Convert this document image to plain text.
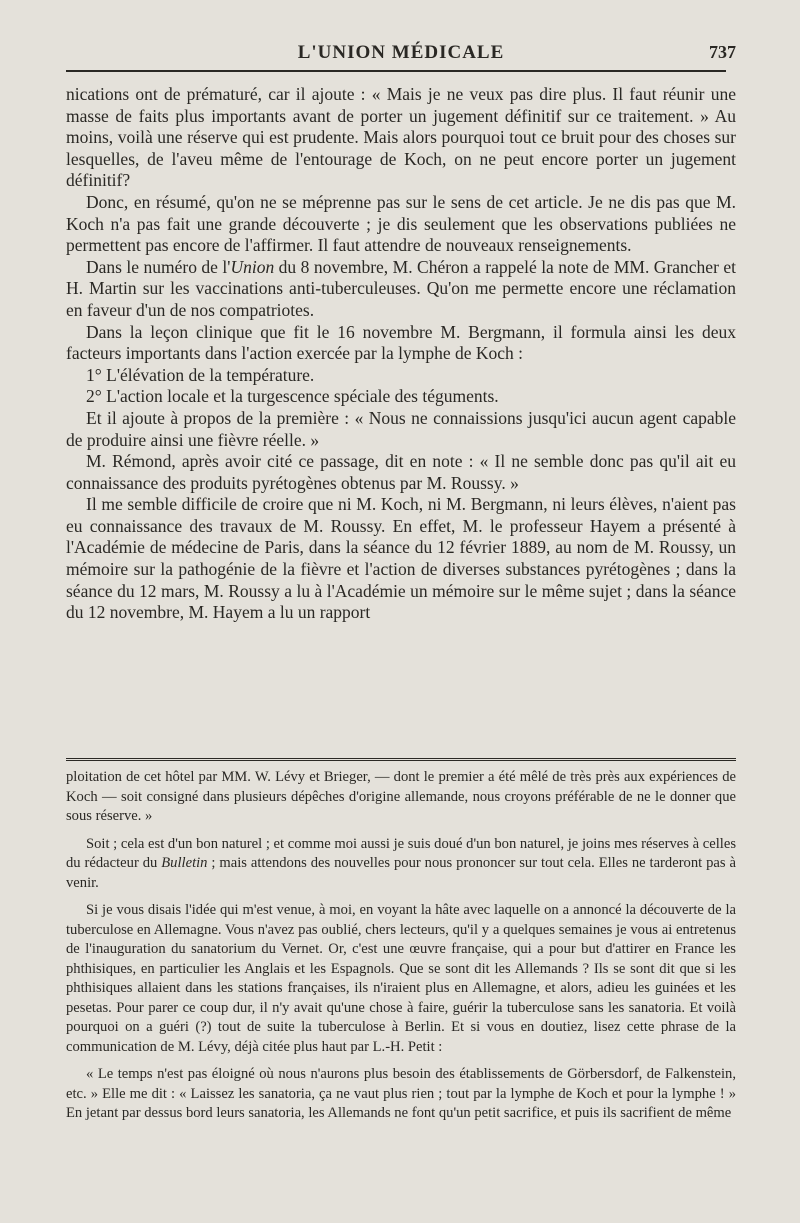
L'UNION MÉDICALE	737

nications ont de prématuré, car il ajoute : « Mais je ne veux pas dire plus. Il faut réunir une masse de faits plus importants avant de porter un jugement définitif sur ce traitement. » Au moins, voilà une réserve qui est prudente. Mais alors pourquoi tout ce bruit pour des choses sur lesquelles, de l'aveu même de l'entourage de Koch, on ne peut encore porter un jugement définitif?

Donc, en résumé, qu'on ne se méprenne pas sur le sens de cet article. Je ne dis pas que M. Koch n'a pas fait une grande découverte ; je dis seulement que les observations publiées ne permettent pas encore de l'affirmer. Il faut attendre de nouveaux renseignements.

Dans le numéro de l'Union du 8 novembre, M. Chéron a rappelé la note de MM. Grancher et H. Martin sur les vaccinations anti-tuberculeuses. Qu'on me permette encore une réclamation en faveur d'un de nos compatriotes.

Dans la leçon clinique que fit le 16 novembre M. Bergmann, il formula ainsi les deux facteurs importants dans l'action exercée par la lymphe de Koch :

1° L'élévation de la température.

2° L'action locale et la turgescence spéciale des téguments.

Et il ajoute à propos de la première : « Nous ne connaissions jusqu'ici aucun agent capable de produire ainsi une fièvre réelle. »

M. Rémond, après avoir cité ce passage, dit en note : « Il ne semble donc pas qu'il ait eu connaissance des produits pyrétogènes obtenus par M. Roussy. »

Il me semble difficile de croire que ni M. Koch, ni M. Bergmann, ni leurs élèves, n'aient pas eu connaissance des travaux de M. Roussy. En effet, M. le professeur Hayem a présenté à l'Académie de médecine de Paris, dans la séance du 12 février 1889, au nom de M. Roussy, un mémoire sur la pathogénie de la fièvre et l'action de diverses substances pyrétogènes ; dans la séance du 12 mars, M. Roussy a lu à l'Académie un mémoire sur le même sujet ; dans la séance du 12 novembre, M. Hayem a lu un rapport

ploitation de cet hôtel par MM. W. Lévy et Brieger, — dont le premier a été mêlé de très près aux expériences de Koch — soit consigné dans plusieurs dépêches d'origine allemande, nous croyons préférable de ne le donner que sous réserve. »

Soit ; cela est d'un bon naturel ; et comme moi aussi je suis doué d'un bon naturel, je joins mes réserves à celles du rédacteur du Bulletin ; mais attendons des nouvelles pour nous prononcer sur tout cela. Elles ne tarderont pas à venir.

Si je vous disais l'idée qui m'est venue, à moi, en voyant la hâte avec laquelle on a annoncé la découverte de la tuberculose en Allemagne. Vous n'avez pas oublié, chers lecteurs, qu'il y a quelques semaines je vous ai entretenus de l'inauguration du sanatorium du Vernet. Or, c'est une œuvre française, qui a pour but d'attirer en France les phthisiques, en particulier les Anglais et les Espagnols. Que se sont dit les Allemands ? Ils se sont dit que si les phthisiques allaient dans les stations françaises, ils n'iraient plus en Allemagne, et alors, adieu les guinées et les pesetas. Pour parer ce coup dur, il n'y avait qu'une chose à faire, guérir la tuberculose sans les sanatoria. Et voilà pourquoi on a guéri (?) tout de suite la tuberculose à Berlin. Et si vous en doutiez, lisez cette phrase de la communication de M. Lévy, déjà citée plus haut par L.-H. Petit :

« Le temps n'est pas éloigné où nous n'aurons plus besoin des établissements de Görbersdorf, de Falkenstein, etc. » Elle me dit : « Laissez les sanatoria, ça ne vaut plus rien ; tout par la lymphe de Koch et pour la lymphe ! » En jetant par dessus bord leurs sanatoria, les Allemands ne font qu'un petit sacrifice, et puis ils sacrifient de même
